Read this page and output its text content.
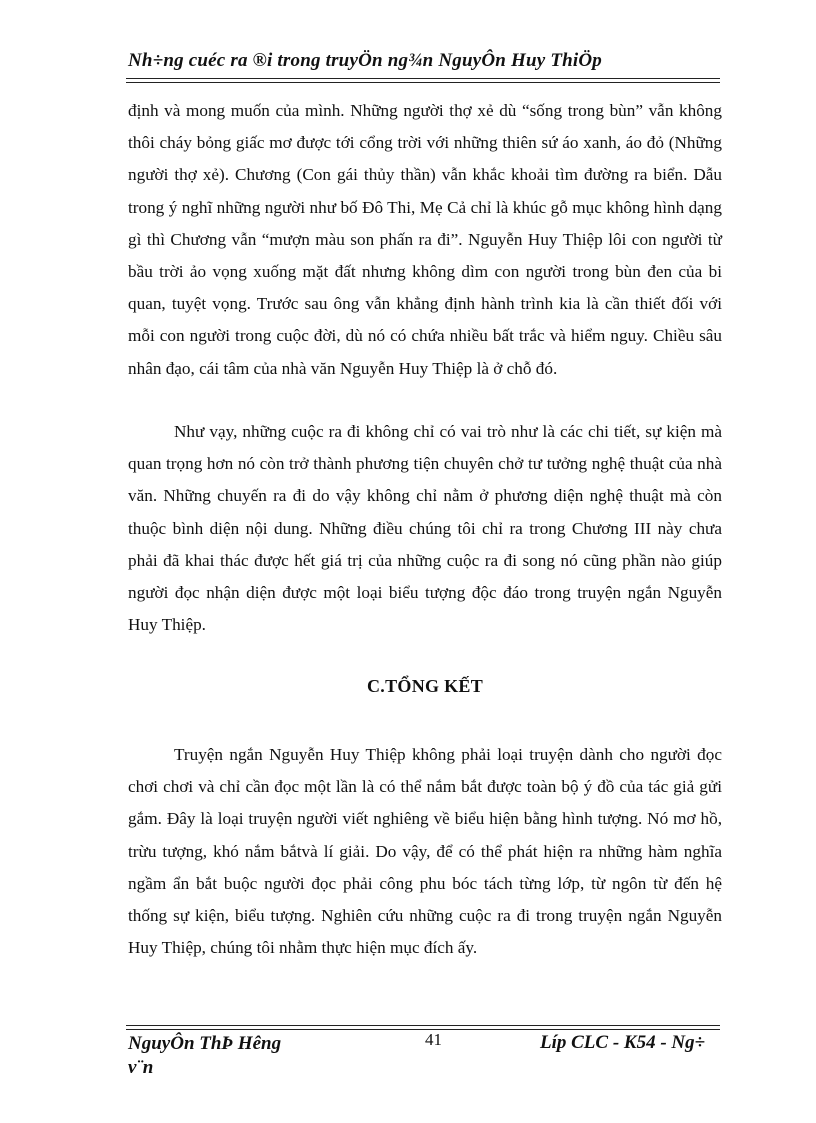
Nh÷ng cuéc ra ®i trong truyÖn ng¾n NguyÔn Huy ThiÖp
định và mong muốn của mình. Những người thợ xẻ dù “sống trong bùn” vẫn không thôi cháy bỏng giấc mơ được tới cổng trời với những thiên sứ áo xanh, áo đỏ (Những người thợ xẻ). Chương (Con gái thủy thần) vẫn khắc khoải tìm đường ra biển. Dẫu trong ý nghĩ những người như bố Đô Thi, Mẹ Cả chỉ là khúc gỗ mục không hình dạng gì thì Chương vẫn “mượn màu son phấn ra đi”. Nguyễn Huy Thiệp lôi con người từ bầu trời ảo vọng xuống mặt đất nhưng không dìm con người trong bùn đen của bi quan, tuyệt vọng. Trước sau ông vẫn khẳng định hành trình kia là cần thiết đối với mỗi con người trong cuộc đời, dù nó có chứa nhiều bất trắc và hiểm nguy. Chiều sâu nhân đạo, cái tâm của nhà văn Nguyễn Huy Thiệp là ở chỗ đó.
Như vạy, những cuộc ra đi không chỉ có vai trò như là các chi tiết, sự kiện mà quan trọng hơn nó còn trở thành phương tiện chuyên chở tư tưởng nghệ thuật của nhà văn. Những chuyến ra đi do vậy không chỉ nằm ở phương diện nghệ thuật mà còn thuộc bình diện nội dung. Những điều chúng tôi chỉ ra trong Chương III này chưa phải đã khai thác được hết giá trị của những cuộc ra đi song nó cũng phần nào giúp người đọc nhận diện được một loại biểu tượng độc đáo trong truyện ngắn Nguyễn Huy Thiệp.
C.TỔNG KẾT
Truyện ngắn Nguyễn Huy Thiệp không phải loại truyện dành cho người đọc chơi chơi và chỉ cần đọc một lần là có thể nắm bắt được toàn bộ ý đồ của tác giả gửi gắm. Đây là loại truyện người viết nghiêng về biểu hiện bằng hình tượng. Nó mơ hồ, trừu tượng, khó nắm bắtvà lí giải. Do vậy, để có thể phát hiện ra những hàm nghĩa ngầm ẩn bắt buộc người đọc phải công phu bóc tách từng lớp, từ ngôn từ đến hệ thống sự kiện, biểu tượng. Nghiên cứu những cuộc ra đi trong truyện ngắn Nguyễn Huy Thiệp, chúng tôi nhằm thực hiện mục đích ấy.
NguyÔn ThÞ Hêng v¨n
41	Líp CLC - K54 - Ng÷
